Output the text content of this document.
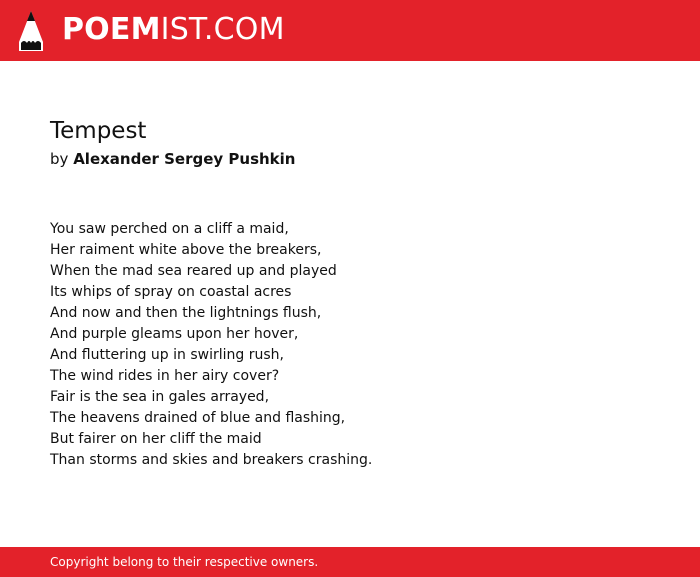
POEMIST.COM
Tempest
by Alexander Sergey Pushkin
You saw perched on a cliff a maid,
Her raiment white above the breakers,
When the mad sea reared up and played
Its whips of spray on coastal acres
And now and then the lightnings flush,
And purple gleams upon her hover,
And fluttering up in swirling rush,
The wind rides in her airy cover?
Fair is the sea in gales arrayed,
The heavens drained of blue and flashing,
But fairer on her cliff the maid
Than storms and skies and breakers crashing.
Copyright belong to their respective owners.
